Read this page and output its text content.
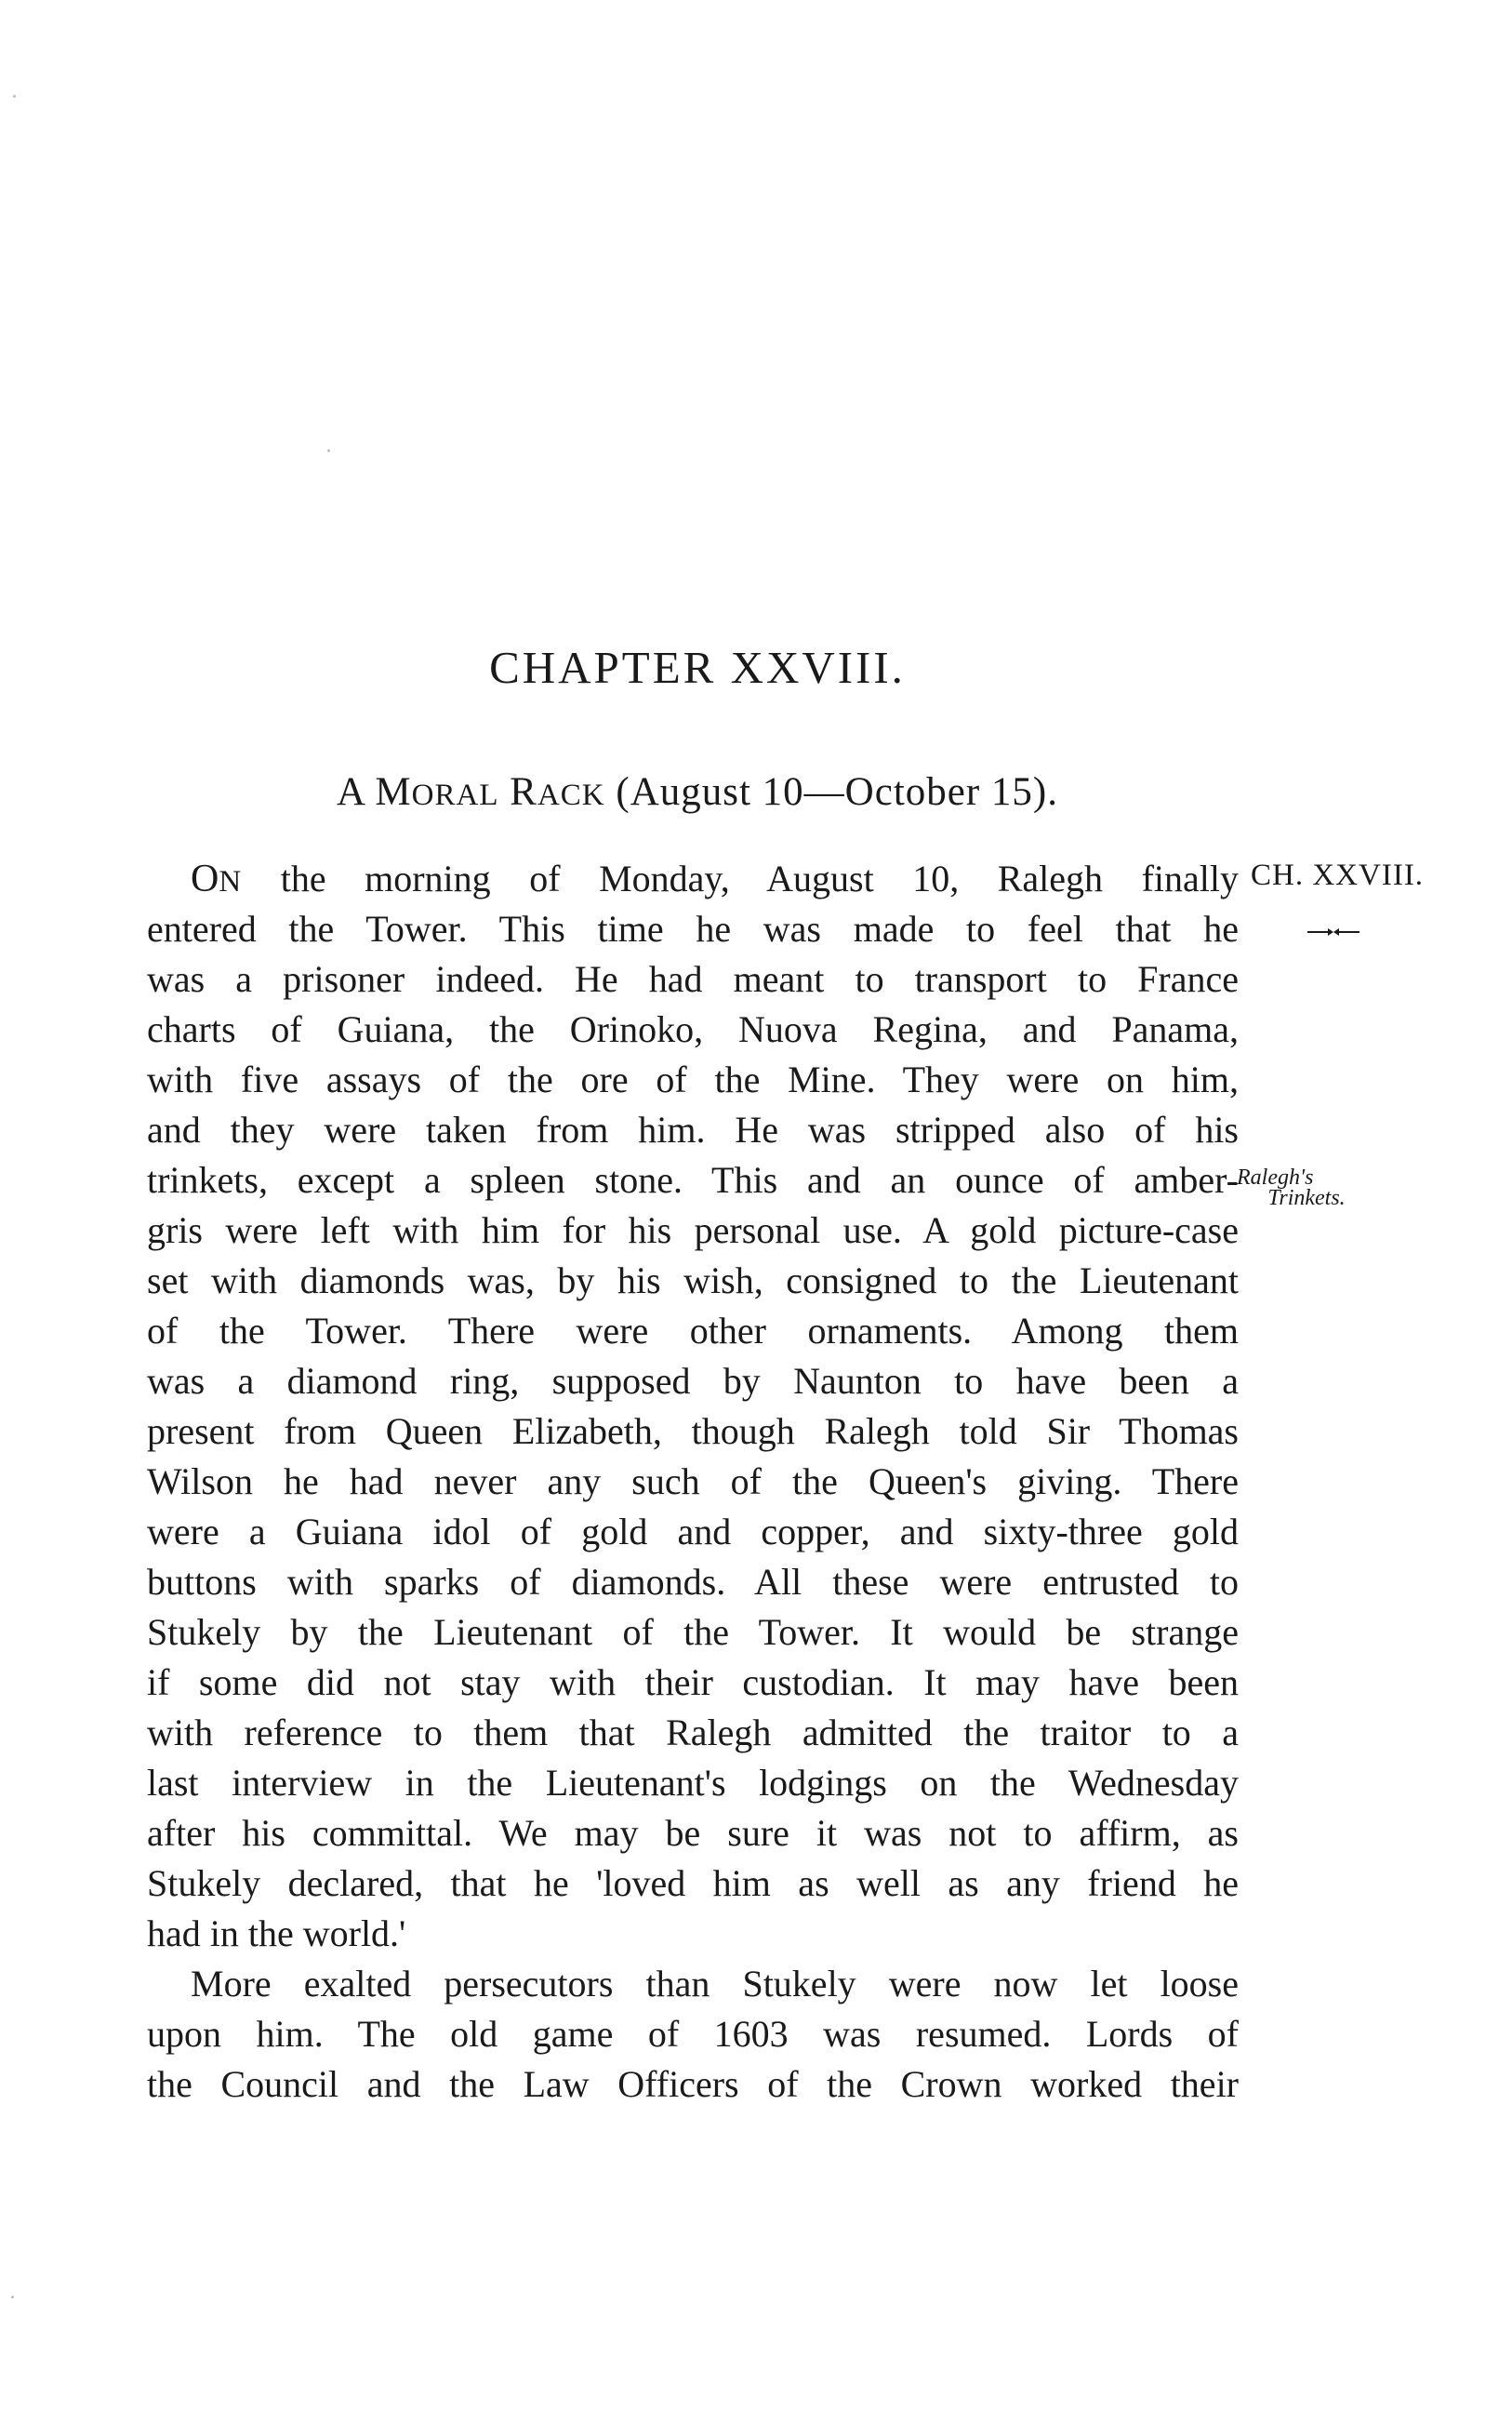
CHAPTER XXVIII.
A MORAL RACK (August 10—October 15).
CH. XXVIII.
Ralegh's
Trinkets.
ON the morning of Monday, August 10, Ralegh finally
entered the Tower. This time he was made to feel that he
was a prisoner indeed. He had meant to transport to France
charts of Guiana, the Orinoko, Nuova Regina, and Panama,
with five assays of the ore of the Mine. They were on him,
and they were taken from him. He was stripped also of his
trinkets, except a spleen stone. This and an ounce of amber-
gris were left with him for his personal use. A gold picture-case
set with diamonds was, by his wish, consigned to the Lieutenant
of the Tower. There were other ornaments. Among them
was a diamond ring, supposed by Naunton to have been a
present from Queen Elizabeth, though Ralegh told Sir Thomas
Wilson he had never any such of the Queen's giving. There
were a Guiana idol of gold and copper, and sixty-three gold
buttons with sparks of diamonds. All these were entrusted to
Stukely by the Lieutenant of the Tower. It would be strange
if some did not stay with their custodian. It may have been
with reference to them that Ralegh admitted the traitor to a
last interview in the Lieutenant's lodgings on the Wednesday
after his committal. We may be sure it was not to affirm, as
Stukely declared, that he 'loved him as well as any friend he
had in the world.'
More exalted persecutors than Stukely were now let loose
upon him. The old game of 1603 was resumed. Lords of
the Council and the Law Officers of the Crown worked their
